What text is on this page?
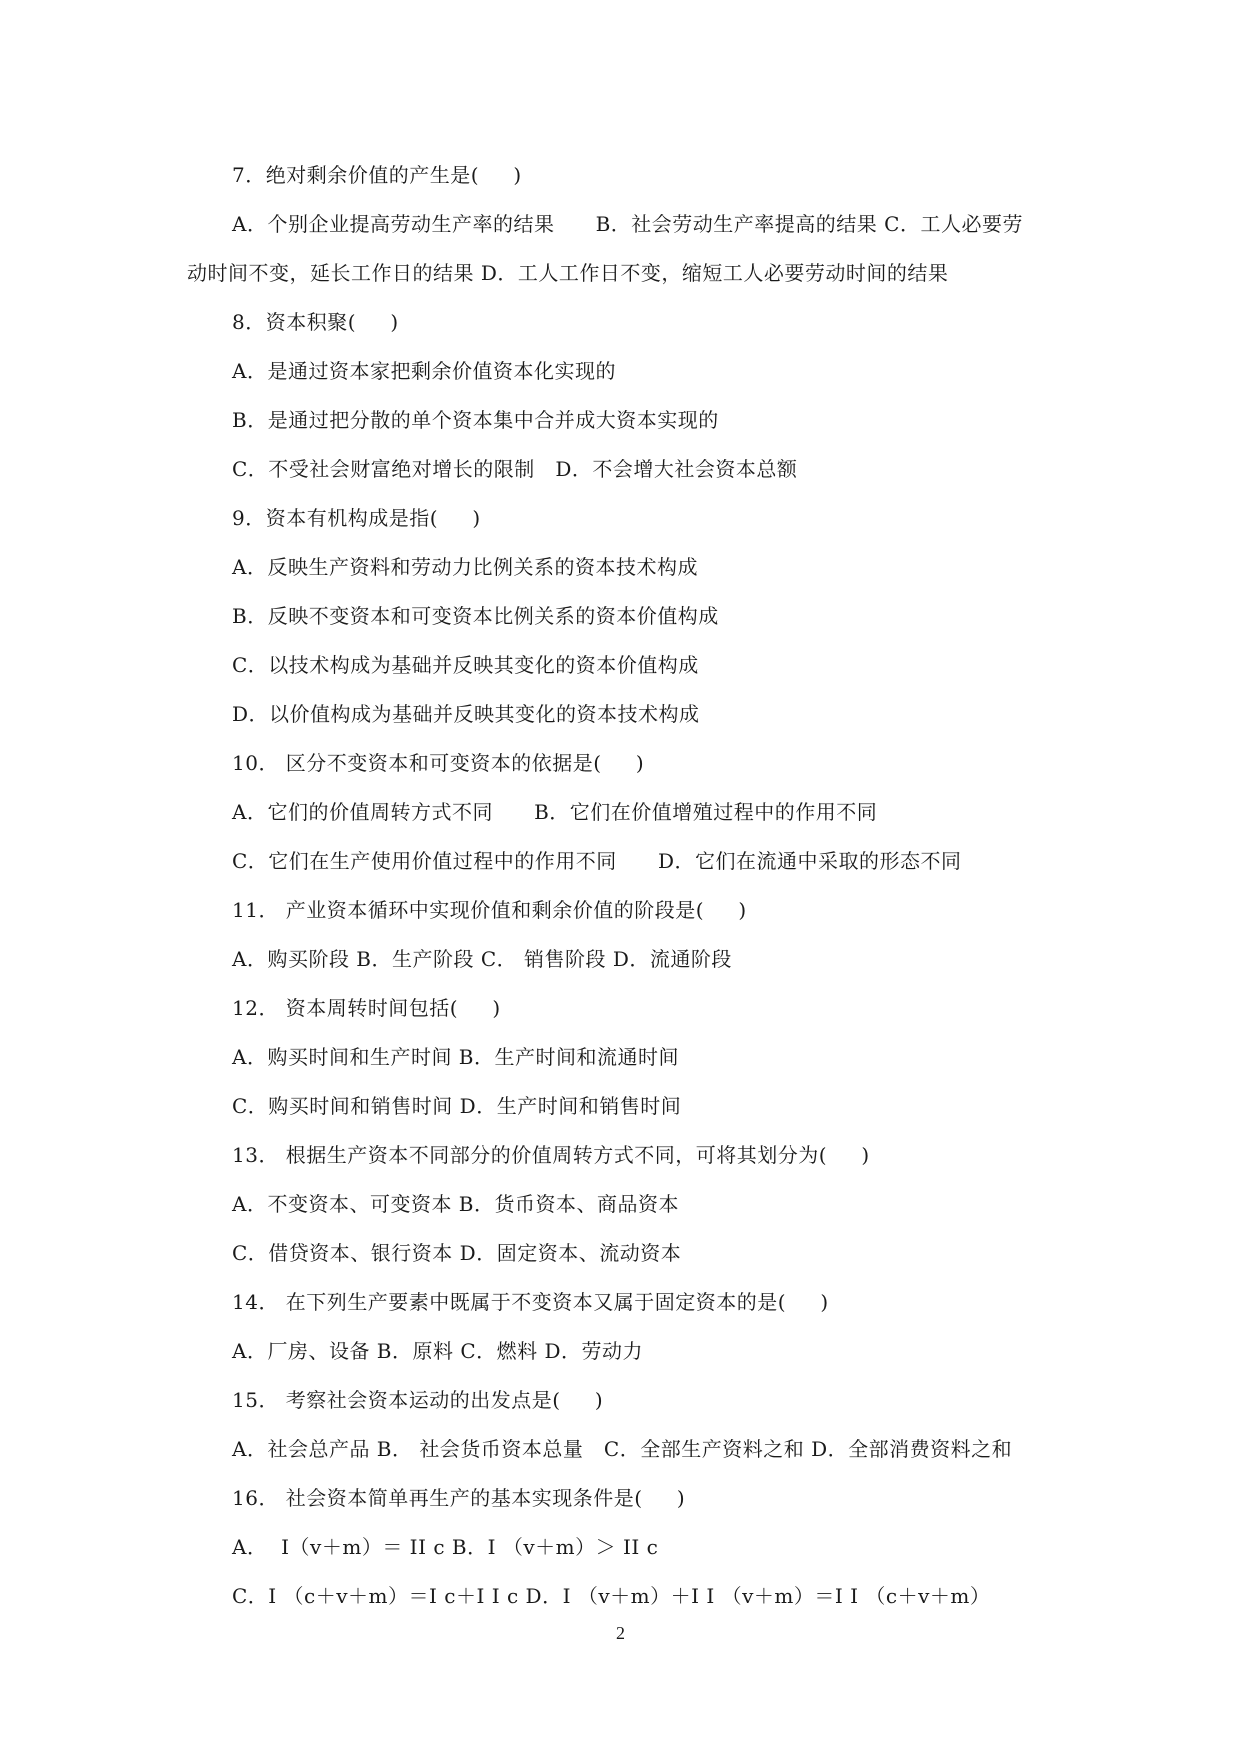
7．绝对剩余价值的产生是(     )
A．个别企业提高劳动生产率的结果      B．社会劳动生产率提高的结果 C．工人必要劳
动时间不变，延长工作日的结果 D．工人工作日不变，缩短工人必要劳动时间的结果
8．资本积聚(     )
A．是通过资本家把剩余价值资本化实现的
B．是通过把分散的单个资本集中合并成大资本实现的
C．不受社会财富绝对增长的限制   D．不会增大社会资本总额
9．资本有机构成是指(     )
A．反映生产资料和劳动力比例关系的资本技术构成
B．反映不变资本和可变资本比例关系的资本价值构成
C．以技术构成为基础并反映其变化的资本价值构成
D．以价值构成为基础并反映其变化的资本技术构成
10． 区分不变资本和可变资本的依据是(     )
A．它们的价值周转方式不同      B．它们在价值增殖过程中的作用不同
C．它们在生产使用价值过程中的作用不同      D．它们在流通中采取的形态不同
11． 产业资本循环中实现价值和剩余价值的阶段是(     )
A．购买阶段 B．生产阶段 C． 销售阶段 D．流通阶段
12． 资本周转时间包括(     )
A．购买时间和生产时间 B．生产时间和流通时间
C．购买时间和销售时间 D．生产时间和销售时间
13． 根据生产资本不同部分的价值周转方式不同，可将其划分为(     )
A．不变资本、可变资本 B．货币资本、商品资本
C．借贷资本、银行资本 D．固定资本、流动资本
14． 在下列生产要素中既属于不变资本又属于固定资本的是(     )
A．厂房、设备 B．原料 C．燃料 D．劳动力
15． 考察社会资本运动的出发点是(     )
A．社会总产品 B． 社会货币资本总量   C．全部生产资料之和 D．全部消费资料之和
16． 社会资本简单再生产的基本实现条件是(     )
A．  I（v＋m）＝ II c B．I （v＋m）＞ II c
C．I （c＋v＋m）＝I c＋I I c D．I （v＋m）＋I I （v＋m）＝I I （c＋v＋m）
2
